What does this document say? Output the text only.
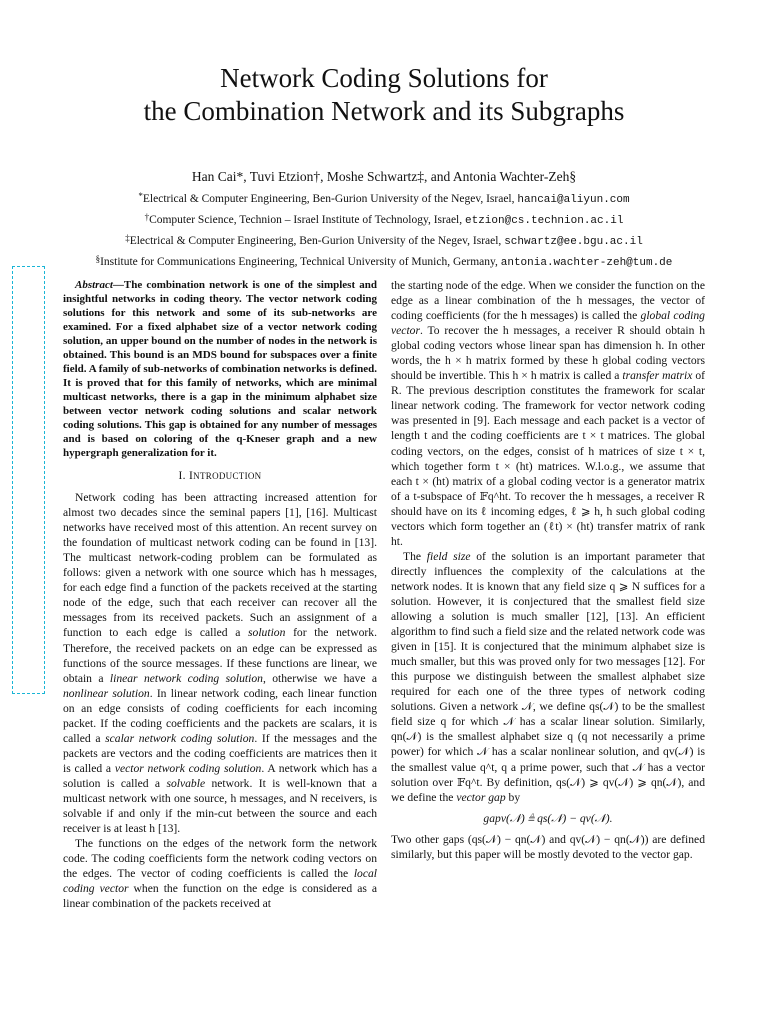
Network Coding Solutions for
the Combination Network and its Subgraphs
Han Cai*, Tuvi Etzion†, Moshe Schwartz‡, and Antonia Wachter-Zeh§
*Electrical & Computer Engineering, Ben-Gurion University of the Negev, Israel, hancai@aliyun.com
†Computer Science, Technion – Israel Institute of Technology, Israel, etzion@cs.technion.ac.il
‡Electrical & Computer Engineering, Ben-Gurion University of the Negev, Israel, schwartz@ee.bgu.ac.il
§Institute for Communications Engineering, Technical University of Munich, Germany, antonia.wachter-zeh@tum.de

Abstract—The combination network is one of the simplest and insightful networks in coding theory. The vector network coding solutions for this network and some of its sub-networks are examined. For a fixed alphabet size of a vector network coding solution, an upper bound on the number of nodes in the network is obtained. This bound is an MDS bound for subspaces over a finite field. A family of sub-networks of combination networks is defined. It is proved that for this family of networks, which are minimal multicast networks, there is a gap in the minimum alphabet size between vector network coding solutions and scalar network coding solutions. This gap is obtained for any number of messages and is based on coloring of the q-Kneser graph and a new hypergraph generalization for it.

I. INTRODUCTION

Network coding has been attracting increased attention for almost two decades since the seminal papers [1], [16]. Multicast networks have received most of this attention. An recent survey on the foundation of multicast network coding can be found in [13]. The multicast network-coding problem can be formulated as follows: given a network with one source which has h messages, for each edge find a function of the packets received at the starting node of the edge, such that each receiver can recover all the messages from its received packets. Such an assignment of a function to each edge is called a solution for the network. Therefore, the received packets on an edge can be expressed as functions of the source messages. If these functions are linear, we obtain a linear network coding solution, otherwise we have a nonlinear solution. In linear network coding, each linear function on an edge consists of coding coefficients for each incoming packet. If the coding coefficients and the packets are scalars, it is called a scalar network coding solution. If the messages and the packets are vectors and the coding coefficients are matrices then it is called a vector network coding solution. A network which has a solution is called a solvable network. It is well-known that a multicast network with one source, h messages, and N receivers, is solvable if and only if the min-cut between the source and each receiver is at least h [13].

The functions on the edges of the network form the network code. The coding coefficients form the network coding vectors on the edges. The vector of coding coefficients is called the local coding vector when the function on the edge is considered as a linear combination of the packets received at

the starting node of the edge. When we consider the function on the edge as a linear combination of the h messages, the vector of coding coefficients (for the h messages) is called the global coding vector. To recover the h messages, a receiver R should obtain h global coding vectors whose linear span has dimension h. In other words, the h × h matrix formed by these h global coding vectors should be invertible. This h × h matrix is called a transfer matrix of R. The previous description constitutes the framework for scalar linear network coding. The framework for vector network coding was presented in [9]. Each message and each packet is a vector of length t and the coding coefficients are t × t matrices. The global coding vectors, on the edges, consist of h matrices of size t × t, which together form t × (ht) matrices. W.l.o.g., we assume that each t × (ht) matrix of a global coding vector is a generator matrix of a t-subspace of 𝔽q^ht. To recover the h messages, a receiver R should have on its ℓ incoming edges, ℓ ⩾ h, h such global coding vectors which form together an (ℓt) × (ht) transfer matrix of rank ht.

The field size of the solution is an important parameter that directly influences the complexity of the calculations at the network nodes. It is known that any field size q ⩾ N suffices for a solution. However, it is conjectured that the smallest field size allowing a solution is much smaller [12], [13]. An efficient algorithm to find such a field size and the related network code was given in [15]. It is conjectured that the minimum alphabet size is much smaller, but this was proved only for two messages [12]. For this purpose we distinguish between the smallest alphabet size required for each one of the three types of network coding solutions. Given a network 𝒩, we define qs(𝒩) to be the smallest field size q for which 𝒩 has a scalar linear solution. Similarly, qn(𝒩) is the smallest alphabet size q (q not necessarily a prime power) for which 𝒩 has a scalar nonlinear solution, and qv(𝒩) is the smallest value q^t, q a prime power, such that 𝒩 has a vector solution over 𝔽q^t. By definition, qs(𝒩) ⩾ qv(𝒩) ⩾ qn(𝒩), and we define the vector gap by

gapv(𝒩) ≜ qs(𝒩) − qv(𝒩).

Two other gaps (qs(𝒩) − qn(𝒩) and qv(𝒩) − qn(𝒩)) are defined similarly, but this paper will be mostly devoted to the vector gap.
